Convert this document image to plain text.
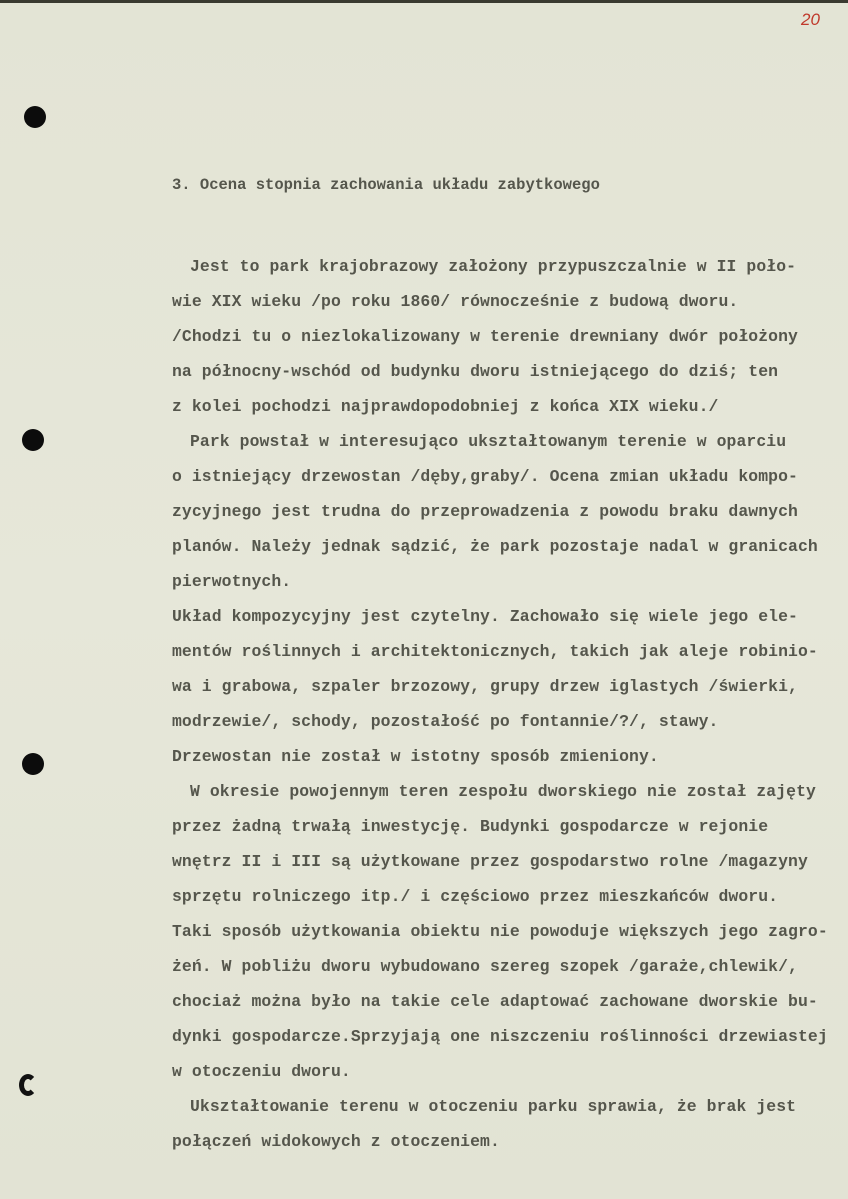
20
3. Ocena stopnia zachowania układu zabytkowego
Jest to park krajobrazowy założony przypuszczalnie w II poło-
wie XIX wieku /po roku 1860/ równocześnie z budową dworu.
/Chodzi tu o niezlokalizowany w terenie drewniany dwór położony
na północny-wschód od budynku dworu istniejącego do dziś; ten
z kolei pochodzi najprawdopodobniej z końca XIX wieku./
Park powstał w interesująco ukształtowanym terenie w oparciu
o istniejący drzewostan /dęby,graby/. Ocena zmian układu kompo-
zycyjnego jest trudna do przeprowadzenia z powodu braku dawnych
planów. Należy jednak sądzić, że park pozostaje nadal w granicach
pierwotnych.
Układ kompozycyjny jest czytelny. Zachowało się wiele jego ele-
mentów roślinnych i architektonicznych, takich jak aleje robinio-
wa i grabowa, szpaler brzozowy, grupy drzew iglastych /świerki,
modrzewie/, schody, pozostałość po fontannie/?/, stawy.
Drzewostan nie został w istotny sposób zmieniony.
W okresie powojennym teren zespołu dworskiego nie został zajęty
przez żadną trwałą inwestycję. Budynki gospodarcze w rejonie
wnętrz II i III są użytkowane przez gospodarstwo rolne /magazyny
sprzętu rolniczego itp./ i częściowo przez mieszkańców dworu.
Taki sposób użytkowania obiektu nie powoduje większych jego zagro-
żeń. W pobliżu dworu wybudowano szereg szopek /garaże,chlewik/,
chociaż można było na takie cele adaptować zachowane dworskie bu-
dynki gospodarcze.Sprzyjają one niszczeniu roślinności drzewiastej
w otoczeniu dworu.
Ukształtowanie terenu w otoczeniu parku sprawia, że brak jest
połączeń widokowych z otoczeniem.
